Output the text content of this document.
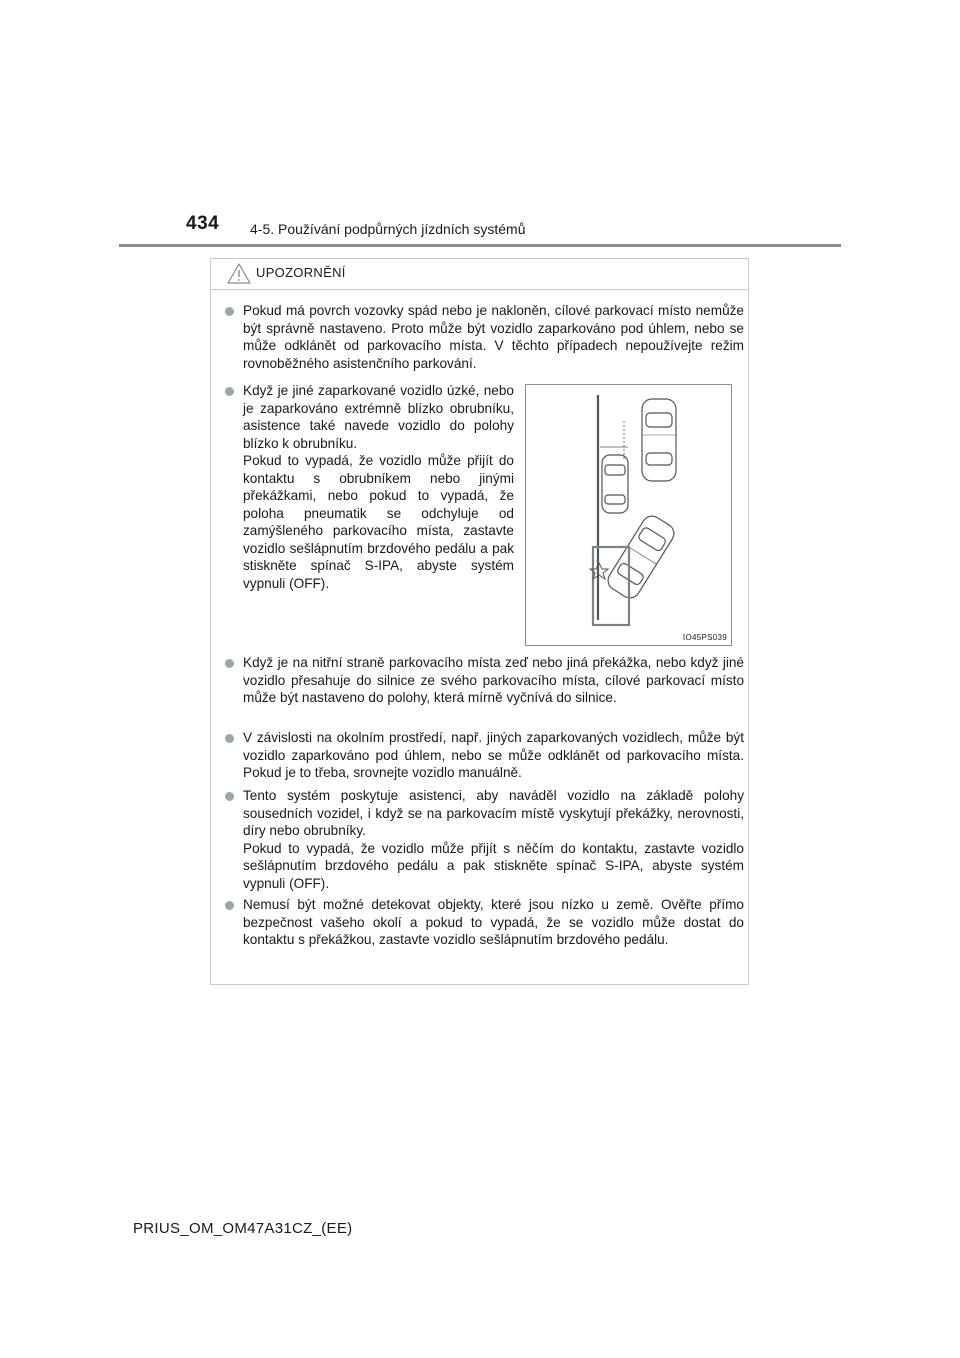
434 4-5. Používání podpůrných jízdních systémů
UPOZORNĚNÍ
Pokud má povrch vozovky spád nebo je nakloněn, cílové parkovací místo nemůže být správně nastaveno. Proto může být vozidlo zaparkováno pod úhlem, nebo se může odklánět od parkovacího místa. V těchto případech nepoužívejte režim rovnoběžného asistenčního parkování.
Když je jiné zaparkované vozidlo úzké, nebo je zaparkováno extrémně blízko obrubníku, asistence také navede vozidlo do polohy blízko k obrubníku.
Pokud to vypadá, že vozidlo může přijít do kontaktu s obrubníkem nebo jinými překážkami, nebo pokud to vypadá, že poloha pneumatik se odchyluje od zamýšleného parkovacího místa, zastavte vozidlo sešlápnutím brzdového pedálu a pak stiskněte spínač S-IPA, abyste systém vypnuli (OFF).
IO45PS039
Když je na nitřní straně parkovacího místa zeď nebo jiná překážka, nebo když jiné vozidlo přesahuje do silnice ze svého parkovacího místa, cílové parkovací místo může být nastaveno do polohy, která mírně vyčnívá do silnice.
V závislosti na okolním prostředí, např. jiných zaparkovaných vozidlech, může být vozidlo zaparkováno pod úhlem, nebo se může odklánět od parkovacího místa. Pokud je to třeba, srovnejte vozidlo manuálně.
Tento systém poskytuje asistenci, aby naváděl vozidlo na základě polohy sousedních vozidel, i když se na parkovacím místě vyskytují překážky, nerovnosti, díry nebo obrubníky.
Pokud to vypadá, že vozidlo může přijít s něčím do kontaktu, zastavte vozidlo sešlápnutím brzdového pedálu a pak stiskněte spínač S-IPA, abyste systém vypnuli (OFF).
Nemusí být možné detekovat objekty, které jsou nízko u země. Ověřte přímo bezpečnost vašeho okolí a pokud to vypadá, že se vozidlo může dostat do kontaktu s překážkou, zastavte vozidlo sešlápnutím brzdového pedálu.
PRIUS_OM_OM47A31CZ_(EE)
